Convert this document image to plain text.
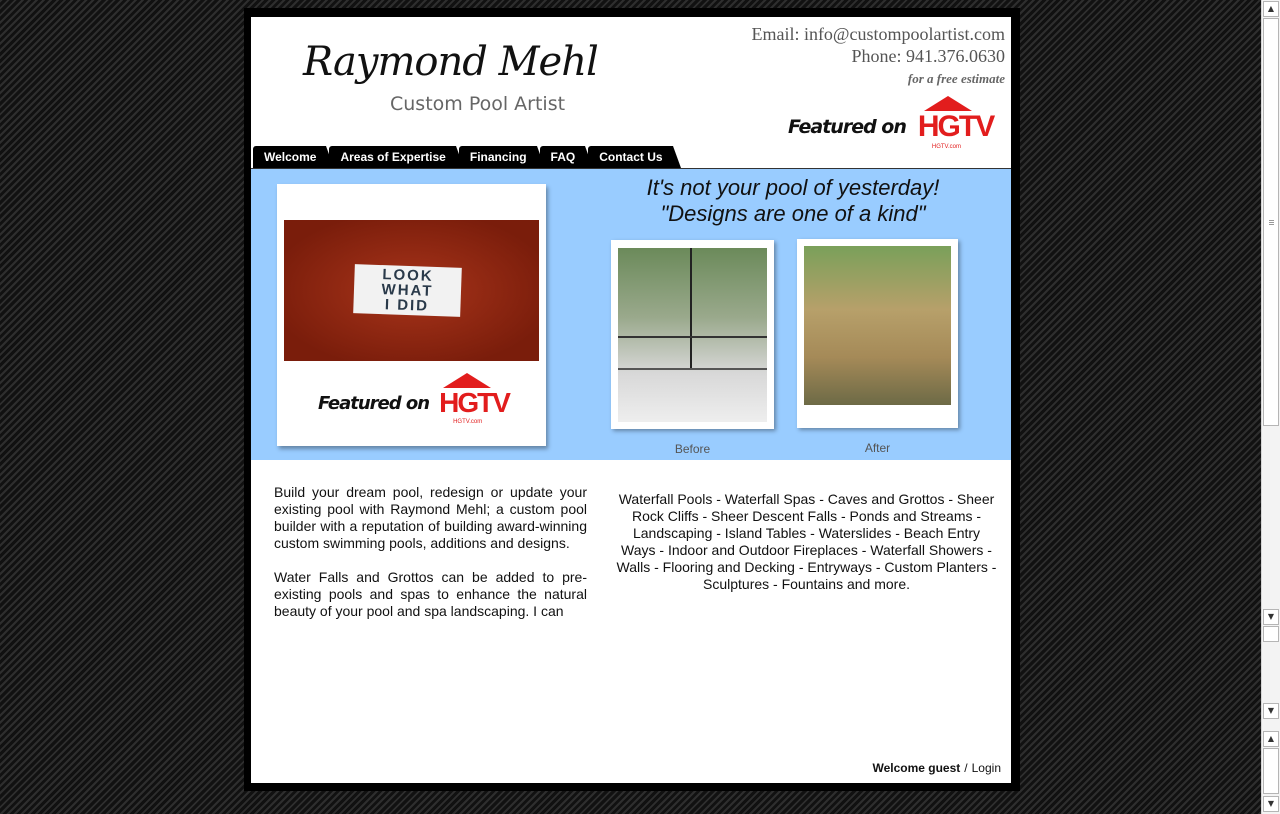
▲
▼
▼
▲
▼
Raymond Mehl
Custom Pool Artist
Email: info@custompoolartist.com
Phone: 941.376.0630
for a free estimate
Featured on HGTV
HGTV.com
Welcome	Areas of Expertise	Financing	FAQ	Contact Us
LOOK
WHAT
I DID
Featured on HGTV
HGTV.com
Before	After
It's not your pool of yesterday!
"Designs are one of a kind"

Build your dream pool, redesign or update your existing pool with Raymond Mehl; a custom pool builder with a reputation of building award-winning custom swimming pools, additions and designs.

Water Falls and Grottos can be added to pre-existing pools and spas to enhance the natural beauty of your pool and spa landscaping. I can

Waterfall Pools - Waterfall Spas - Caves and Grottos - Sheer Rock Cliffs - Sheer Descent Falls - Ponds and Streams - Landscaping - Island Tables - Waterslides - Beach Entry Ways - Indoor and Outdoor Fireplaces - Waterfall Showers - Walls - Flooring and Decking - Entryways - Custom Planters - Sculptures - Fountains and more.
Welcome guest / Login
